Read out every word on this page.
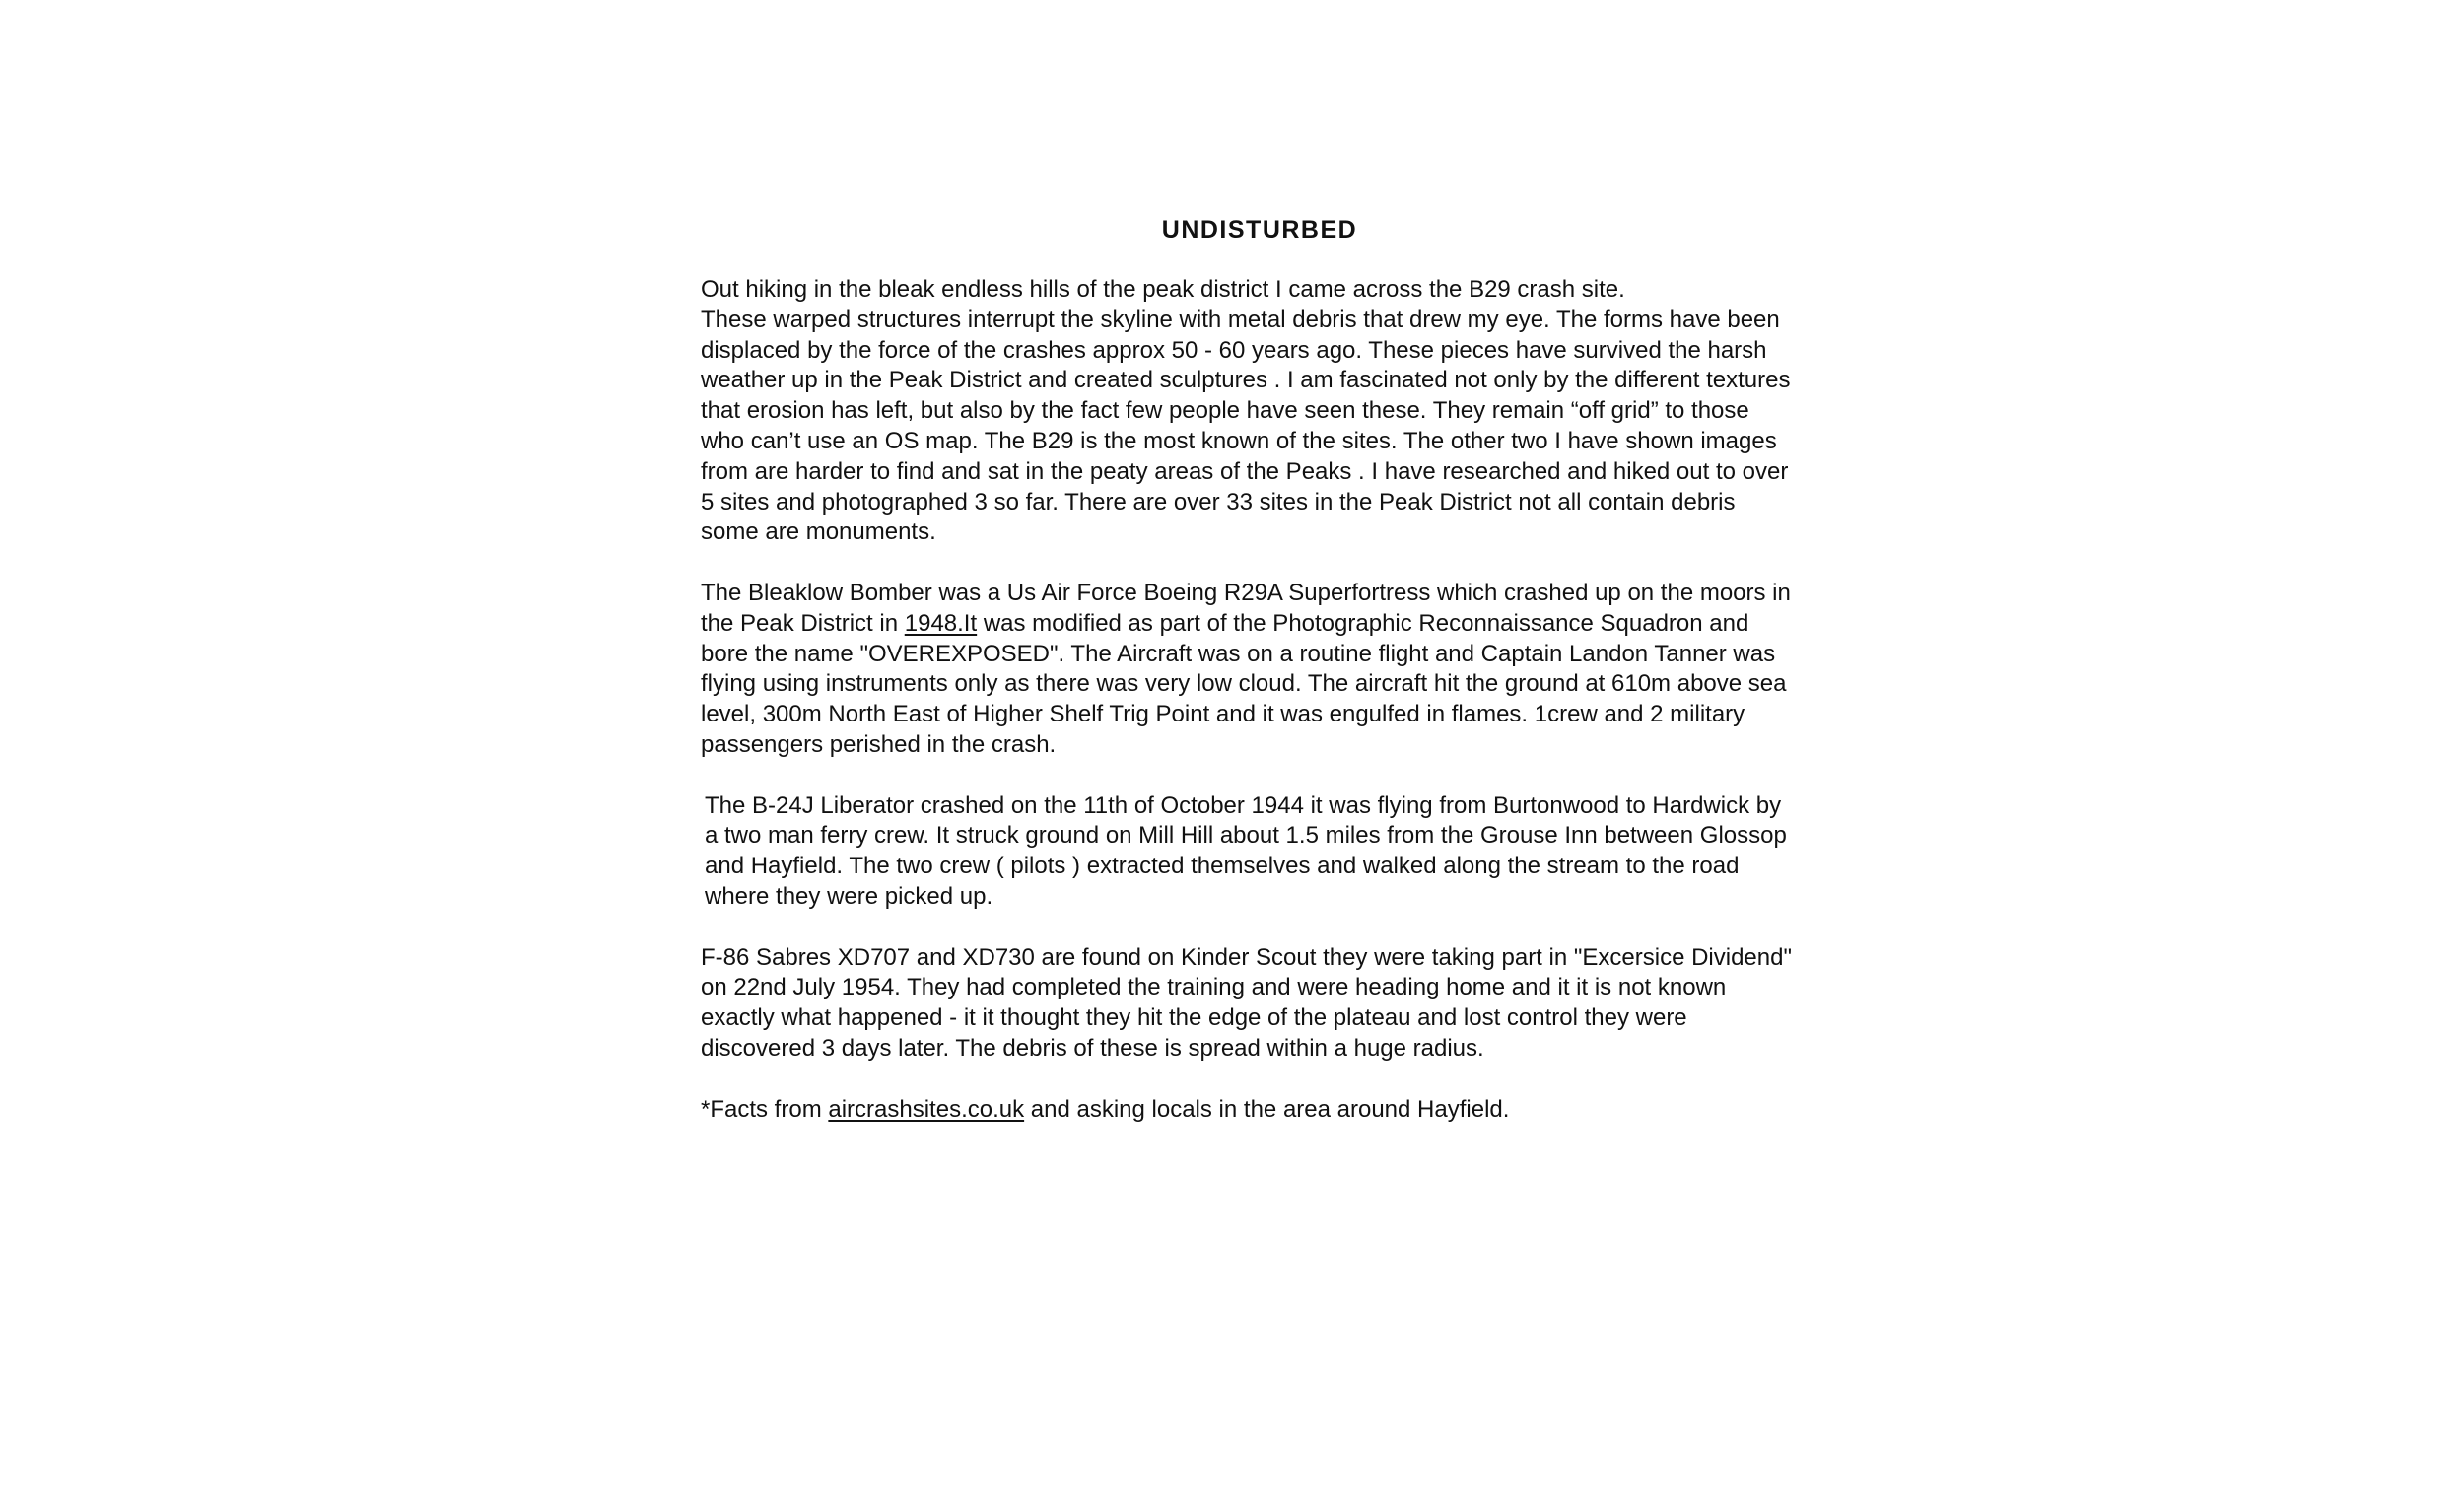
UNDISTURBED

Out hiking in the bleak endless hills of the peak district I came across the B29 crash site.
These warped structures interrupt the skyline with metal debris that drew my eye. The forms have been displaced by the force of the crashes approx 50 - 60 years ago. These pieces have survived the harsh weather up in the Peak District and created sculptures . I am fascinated not only by the different textures that erosion has left, but also by the fact few people have seen these. They remain “off grid” to those who can’t use an OS map. The B29 is the most known of the sites. The other two I have shown images from are harder to find and sat in the peaty areas of the Peaks . I have researched and hiked out to over 5 sites and photographed 3 so far. There are over 33 sites in the Peak District not all contain debris some are monuments.

The Bleaklow Bomber was a Us Air Force Boeing R29A Superfortress which crashed up on the moors in the Peak District in 1948.It was modified as part of the Photographic Reconnaissance Squadron and bore the name "OVEREXPOSED". The Aircraft was on a routine flight and Captain Landon Tanner was flying using instruments only as there was very low cloud. The aircraft hit the ground at 610m above sea level, 300m North East of Higher Shelf Trig Point and it was engulfed in flames. 1crew and 2 military passengers perished in the crash.

The B-24J Liberator crashed on the 11th of October 1944 it was flying from Burtonwood to Hardwick by a two man ferry crew. It struck ground on Mill Hill about 1.5 miles from the Grouse Inn between Glossop and Hayfield. The two crew ( pilots ) extracted themselves and walked along the stream to the road where they were picked up.

F-86 Sabres XD707 and XD730 are found on Kinder Scout they were taking part in "Excersice Dividend" on 22nd July 1954. They had completed the training and were heading home and it it is not known exactly what happened - it it thought they hit the edge of the plateau and lost control they were discovered 3 days later. The debris of these is spread within a huge radius.

*Facts from aircrashsites.co.uk and asking locals in the area around Hayfield.
